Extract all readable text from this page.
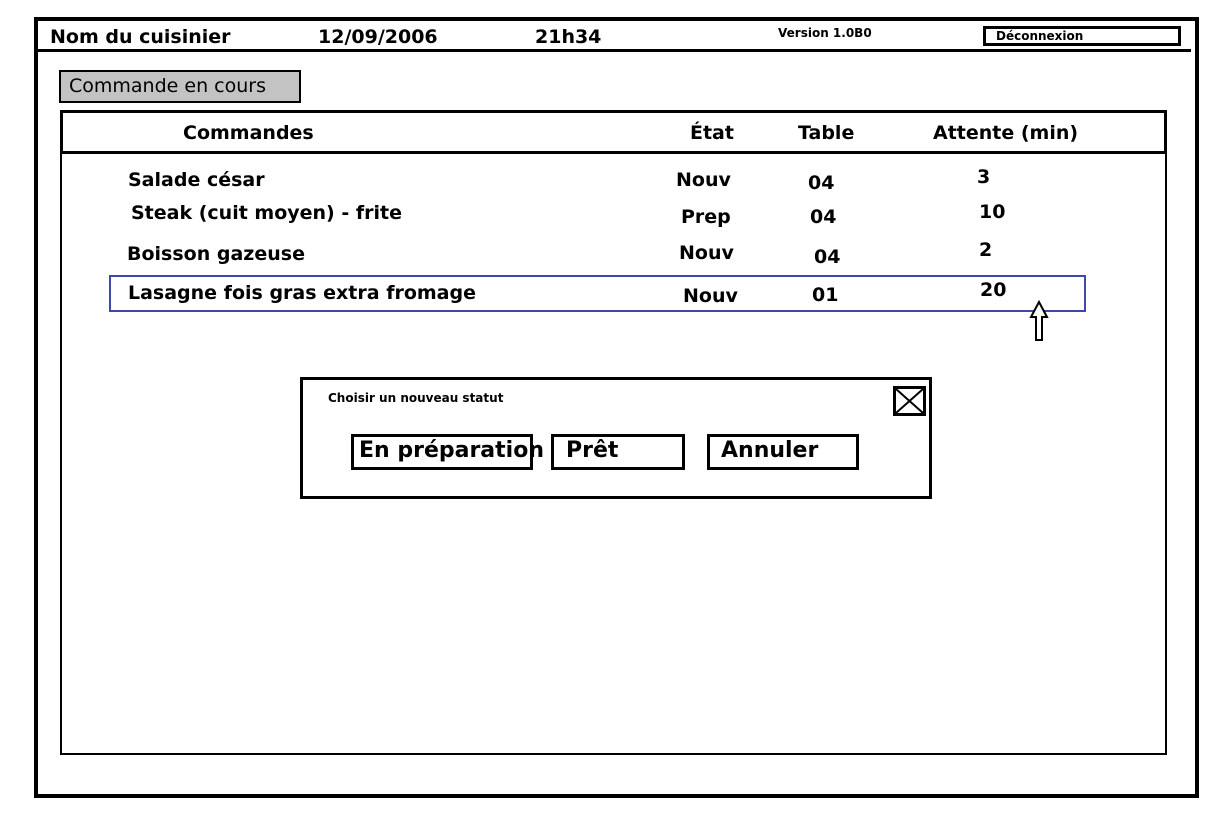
Nom du cuisinier	12/09/2006	21h34	Version 1.0B0	Déconnexion
Commande en cours
Commandes	État	Table	Attente (min)
Salade césar	Nouv	04	3
Steak (cuit moyen) - frite	Prep	04	10
Boisson gazeuse	Nouv	04	2
Lasagne fois gras extra fromage	Nouv	01	20
Choisir un nouveau statut
En préparation	Prêt	Annuler
